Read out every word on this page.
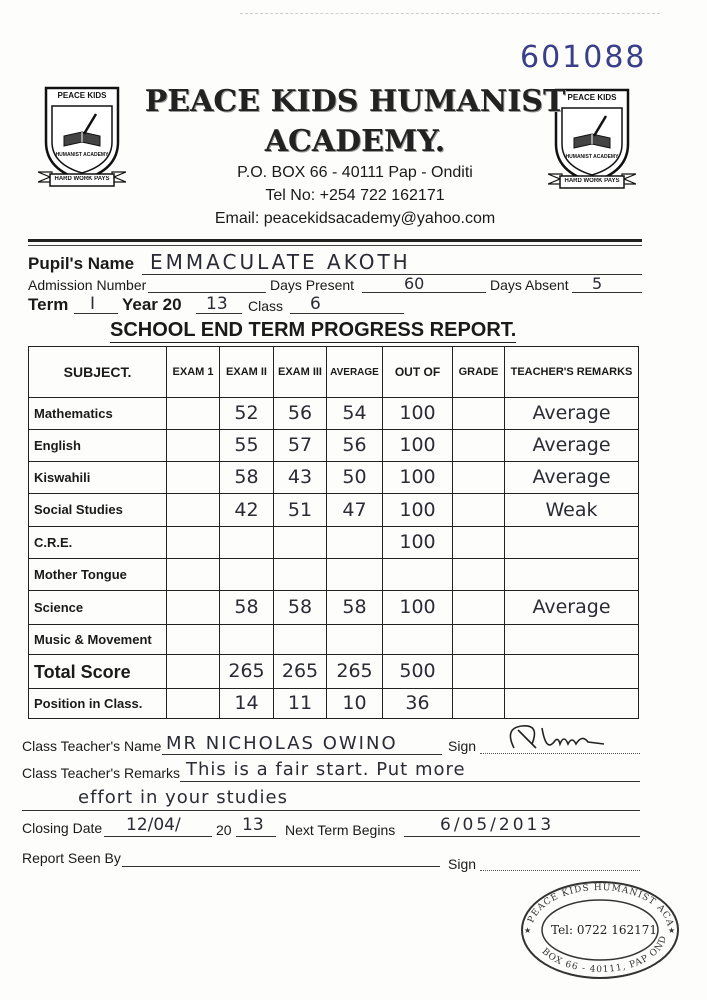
601088
PEACE KIDS
HUMANIST ACADEMY
HARD WORK PAYS
PEACE KIDS
HUMANIST ACADEMY
HARD WORK PAYS
PEACE KIDS HUMANIST
ACADEMY.
P.O. BOX 66 - 40111 Pap - Onditi
Tel No: +254 722 162171
Email: peacekidsacademy@yahoo.com
Pupil's Name EMMACULATE AKOTH
Admission Number	Days Present	60	Days Absent 5
Term I Year 20 13 Class 6
SCHOOL END TERM PROGRESS REPORT.
SUBJECT.	EXAM 1	EXAM II	EXAM III	AVERAGE	OUT OF	GRADE	TEACHER'S REMARKS
Mathematics		52	56	54	100		Average
English		55	57	56	100		Average
Kiswahili		58	43	50	100		Average
Social Studies		42	51	47	100		Weak
C.R.E.					100		
Mother Tongue							
Science		58	58	58	100		Average
Music & Movement							
Total Score		265	265	265	500		
Position in Class.		14	11	10	36		
Class Teacher's Name MR NICHOLAS OWINO	Sign
Class Teacher's Remarks This is a fair start. Put more
effort in your studies
Closing Date 12/04/	20 13 Next Term Begins	6/05/2013
Report Seen By	Sign
PEACE KIDS HUMANIST ACA
BOX 66 - 40111, PAP OND
★	★
Tel: 0722 162171
